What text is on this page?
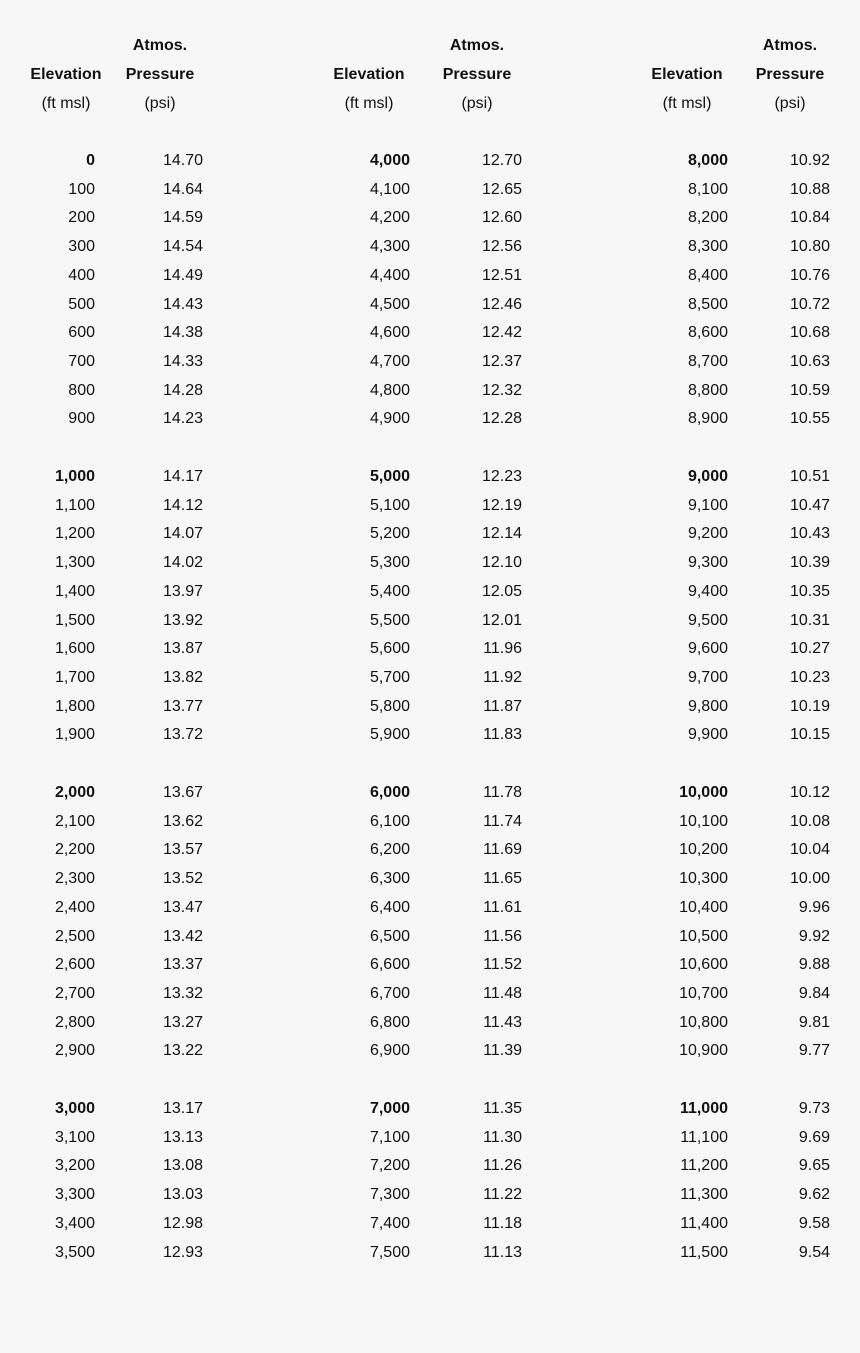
Atmos.
Elevation	Pressure
(ft msl)	(psi)
0	14.70
100	14.64
200	14.59
300	14.54
400	14.49
500	14.43
600	14.38
700	14.33
800	14.28
900	14.23
1,000	14.17
1,100	14.12
1,200	14.07
1,300	14.02
1,400	13.97
1,500	13.92
1,600	13.87
1,700	13.82
1,800	13.77
1,900	13.72
2,000	13.67
2,100	13.62
2,200	13.57
2,300	13.52
2,400	13.47
2,500	13.42
2,600	13.37
2,700	13.32
2,800	13.27
2,900	13.22
3,000	13.17
3,100	13.13
3,200	13.08
3,300	13.03
3,400	12.98
3,500	12.93
Atmos.
Elevation	Pressure
(ft msl)	(psi)
4,000	12.70
4,100	12.65
4,200	12.60
4,300	12.56
4,400	12.51
4,500	12.46
4,600	12.42
4,700	12.37
4,800	12.32
4,900	12.28
5,000	12.23
5,100	12.19
5,200	12.14
5,300	12.10
5,400	12.05
5,500	12.01
5,600	11.96
5,700	11.92
5,800	11.87
5,900	11.83
6,000	11.78
6,100	11.74
6,200	11.69
6,300	11.65
6,400	11.61
6,500	11.56
6,600	11.52
6,700	11.48
6,800	11.43
6,900	11.39
7,000	11.35
7,100	11.30
7,200	11.26
7,300	11.22
7,400	11.18
7,500	11.13
Atmos.
Elevation	Pressure
(ft msl)	(psi)
8,000	10.92
8,100	10.88
8,200	10.84
8,300	10.80
8,400	10.76
8,500	10.72
8,600	10.68
8,700	10.63
8,800	10.59
8,900	10.55
9,000	10.51
9,100	10.47
9,200	10.43
9,300	10.39
9,400	10.35
9,500	10.31
9,600	10.27
9,700	10.23
9,800	10.19
9,900	10.15
10,000	10.12
10,100	10.08
10,200	10.04
10,300	10.00
10,400	9.96
10,500	9.92
10,600	9.88
10,700	9.84
10,800	9.81
10,900	9.77
11,000	9.73
11,100	9.69
11,200	9.65
11,300	9.62
11,400	9.58
11,500	9.54
